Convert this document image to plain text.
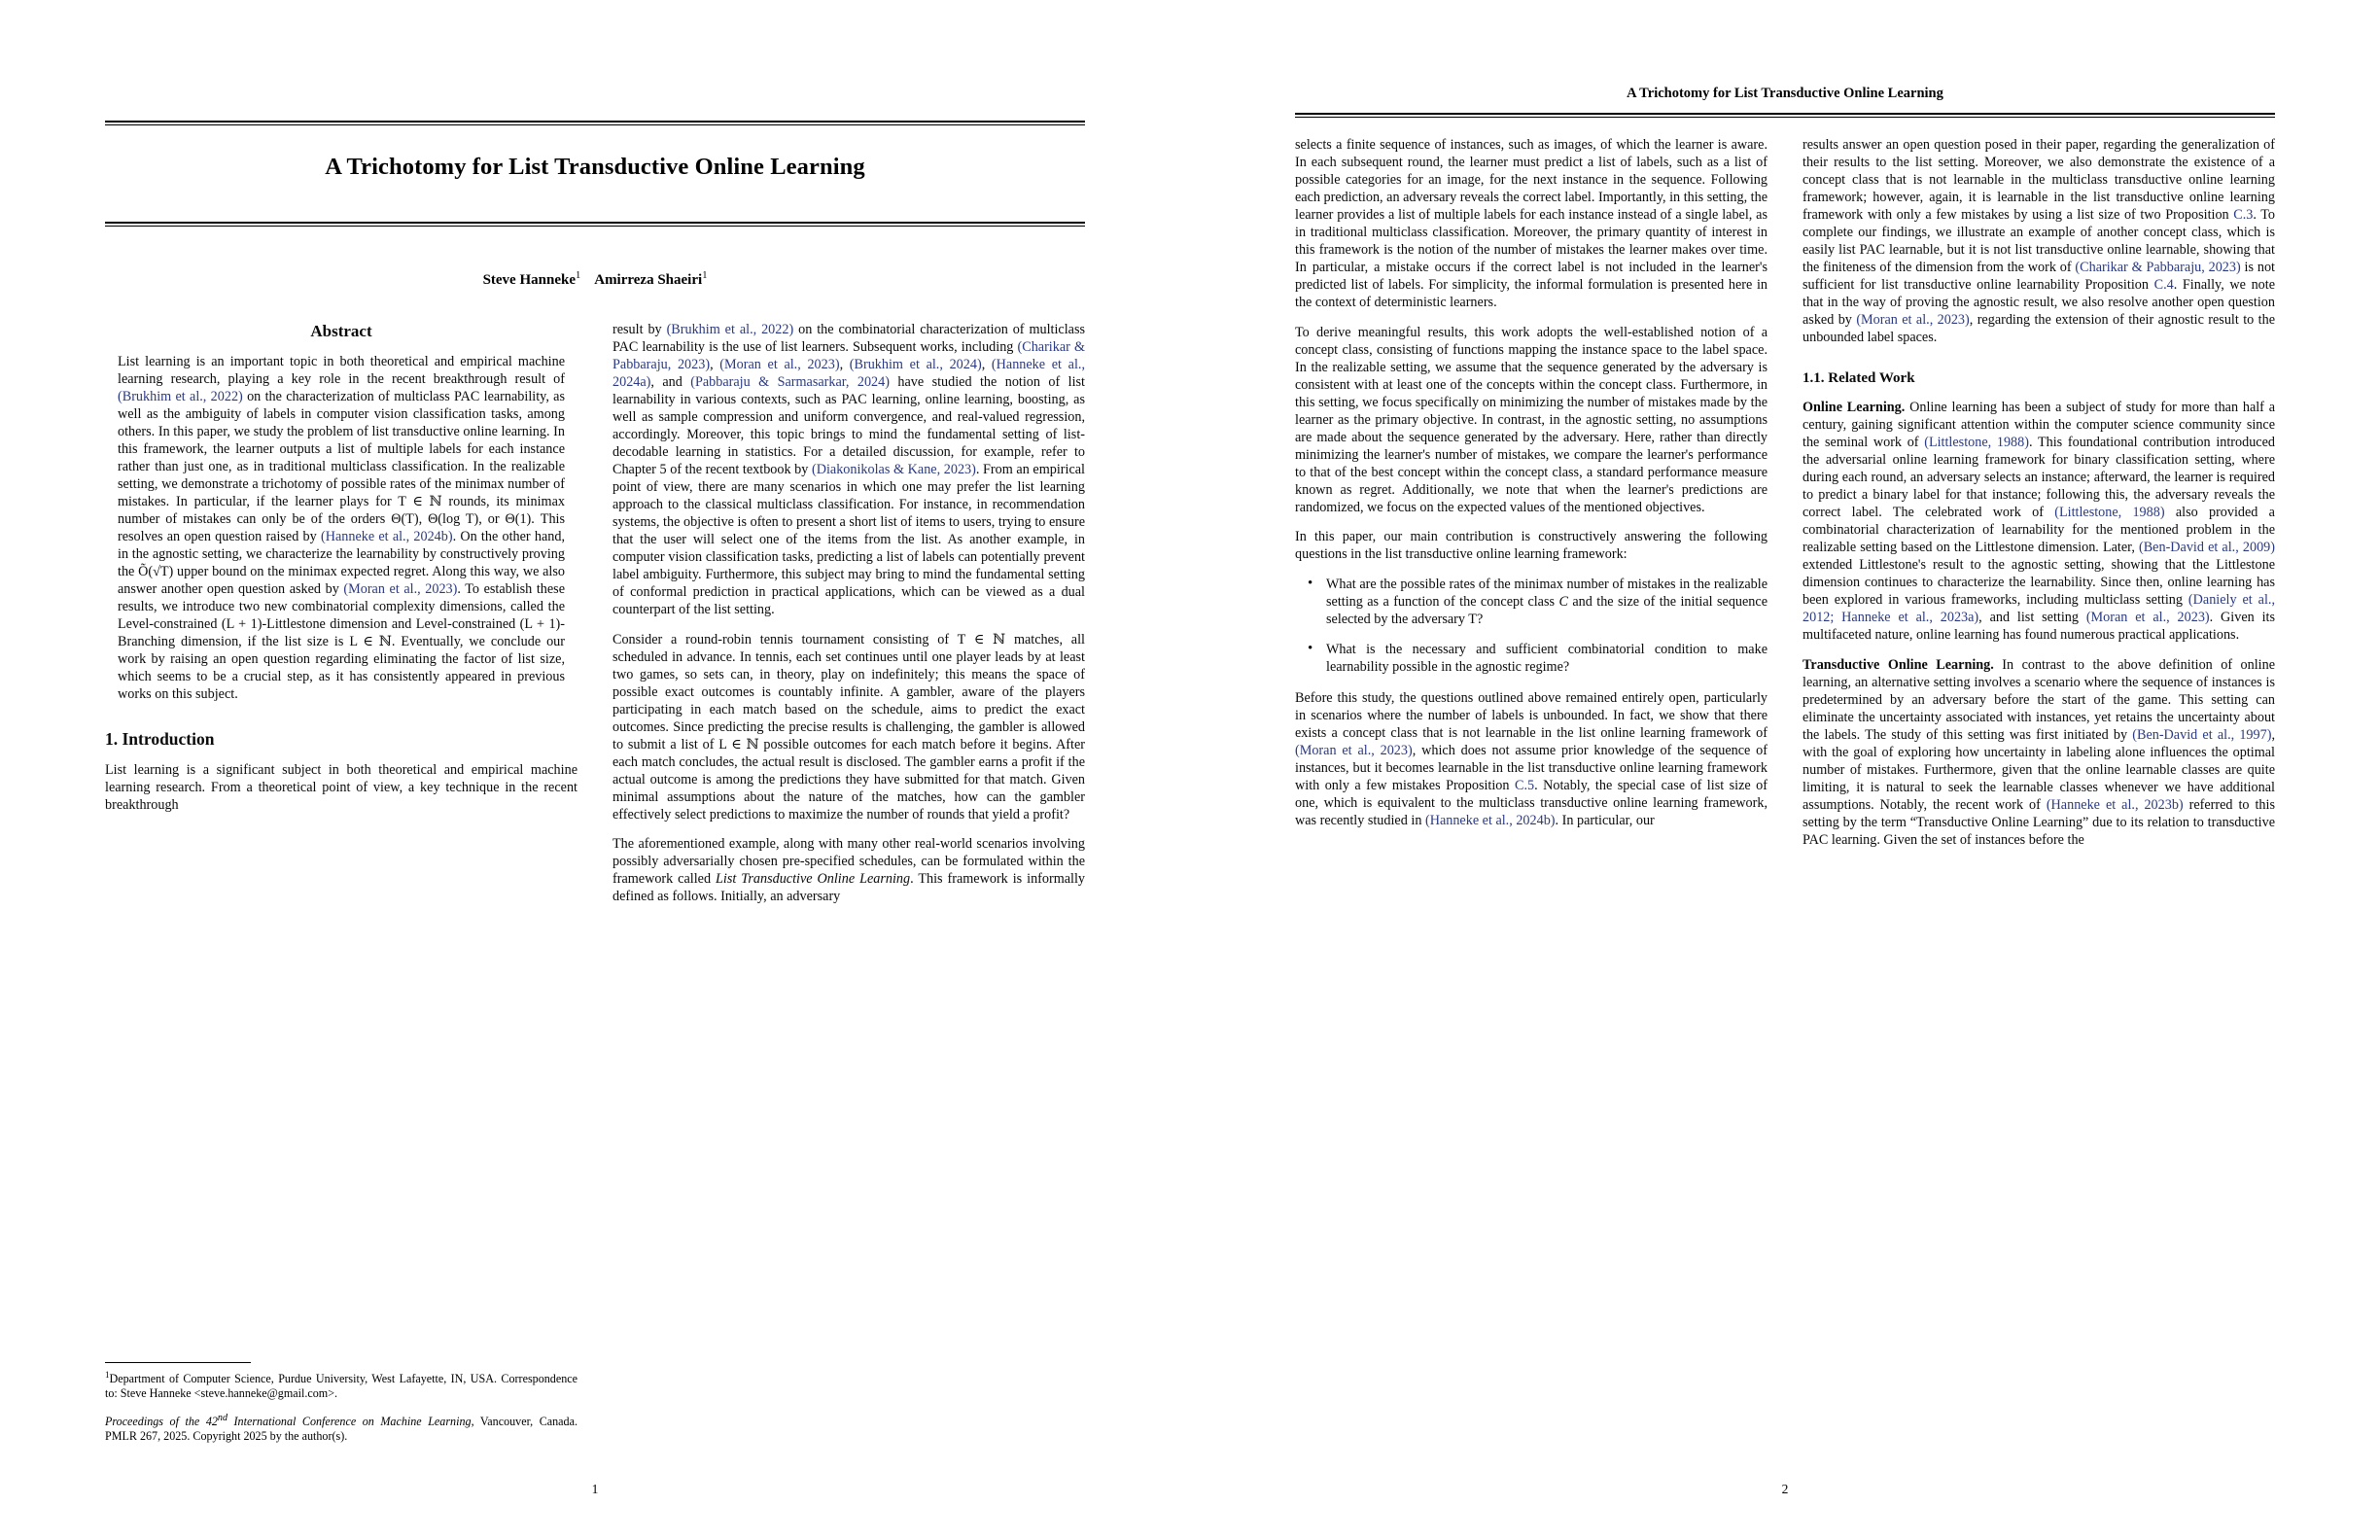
A Trichotomy for List Transductive Online Learning
Steve Hanneke$^1$ Amirreza Shaeiri$^1$
Abstract

List learning is an important topic in both theoretical and empirical machine learning research, playing a key role in the recent breakthrough result of (Brukhim et al., 2022) on the characterization of multiclass PAC learnability, as well as the ambiguity of labels in computer vision classification tasks, among others. In this paper, we study the problem of list transductive online learning. In this framework, the learner outputs a list of multiple labels for each instance rather than just one, as in traditional multiclass classification. In the realizable setting, we demonstrate a trichotomy of possible rates of the minimax number of mistakes. In particular, if the learner plays for T ∈ ℕ rounds, its minimax number of mistakes can only be of the orders Θ(T), Θ(log T), or Θ(1). This resolves an open question raised by (Hanneke et al., 2024b). On the other hand, in the agnostic setting, we characterize the learnability by constructively proving the Õ(√T) upper bound on the minimax expected regret. Along this way, we also answer another open question asked by (Moran et al., 2023). To establish these results, we introduce two new combinatorial complexity dimensions, called the Level-constrained (L + 1)-Littlestone dimension and Level-constrained (L + 1)-Branching dimension, if the list size is L ∈ ℕ. Eventually, we conclude our work by raising an open question regarding eliminating the factor of list size, which seems to be a crucial step, as it has consistently appeared in previous works on this subject.

1. Introduction

List learning is a significant subject in both theoretical and empirical machine learning research. From a theoretical point of view, a key technique in the recent breakthrough

result by (Brukhim et al., 2022) on the combinatorial characterization of multiclass PAC learnability is the use of list learners. Subsequent works, including (Charikar & Pabbaraju, 2023), (Moran et al., 2023), (Brukhim et al., 2024), (Hanneke et al., 2024a), and (Pabbaraju & Sarmasarkar, 2024) have studied the notion of list learnability in various contexts, such as PAC learning, online learning, boosting, as well as sample compression and uniform convergence, and real-valued regression, accordingly. Moreover, this topic brings to mind the fundamental setting of list-decodable learning in statistics. For a detailed discussion, for example, refer to Chapter 5 of the recent textbook by (Diakonikolas & Kane, 2023). From an empirical point of view, there are many scenarios in which one may prefer the list learning approach to the classical multiclass classification. For instance, in recommendation systems, the objective is often to present a short list of items to users, trying to ensure that the user will select one of the items from the list. As another example, in computer vision classification tasks, predicting a list of labels can potentially prevent label ambiguity. Furthermore, this subject may bring to mind the fundamental setting of conformal prediction in practical applications, which can be viewed as a dual counterpart of the list setting.

Consider a round-robin tennis tournament consisting of T ∈ ℕ matches, all scheduled in advance. In tennis, each set continues until one player leads by at least two games, so sets can, in theory, play on indefinitely; this means the space of possible exact outcomes is countably infinite. A gambler, aware of the players participating in each match based on the schedule, aims to predict the exact outcomes. Since predicting the precise results is challenging, the gambler is allowed to submit a list of L ∈ ℕ possible outcomes for each match before it begins. After each match concludes, the actual result is disclosed. The gambler earns a profit if the actual outcome is among the predictions they have submitted for that match. Given minimal assumptions about the nature of the matches, how can the gambler effectively select predictions to maximize the number of rounds that yield a profit?

The aforementioned example, along with many other real-world scenarios involving possibly adversarially chosen pre-specified schedules, can be formulated within the framework called List Transductive Online Learning. This framework is informally defined as follows. Initially, an adversary

$^1$Department of Computer Science, Purdue University, West Lafayette, IN, USA. Correspondence to: Steve Hanneke <steve.hanneke@gmail.com>.

Proceedings of the 42nd International Conference on Machine Learning, Vancouver, Canada. PMLR 267, 2025. Copyright 2025 by the author(s).

1
A Trichotomy for List Transductive Online Learning

selects a finite sequence of instances, such as images, of which the learner is aware. In each subsequent round, the learner must predict a list of labels, such as a list of possible categories for an image, for the next instance in the sequence. Following each prediction, an adversary reveals the correct label. Importantly, in this setting, the learner provides a list of multiple labels for each instance instead of a single label, as in traditional multiclass classification. Moreover, the primary quantity of interest in this framework is the notion of the number of mistakes the learner makes over time. In particular, a mistake occurs if the correct label is not included in the learner's predicted list of labels. For simplicity, the informal formulation is presented here in the context of deterministic learners.

To derive meaningful results, this work adopts the well-established notion of a concept class, consisting of functions mapping the instance space to the label space. In the realizable setting, we assume that the sequence generated by the adversary is consistent with at least one of the concepts within the concept class. Furthermore, in this setting, we focus specifically on minimizing the number of mistakes made by the learner as the primary objective. In contrast, in the agnostic setting, no assumptions are made about the sequence generated by the adversary. Here, rather than directly minimizing the learner's number of mistakes, we compare the learner's performance to that of the best concept within the concept class, a standard performance measure known as regret. Additionally, we note that when the learner's predictions are randomized, we focus on the expected values of the mentioned objectives.

In this paper, our main contribution is constructively answering the following questions in the list transductive online learning framework:

• What are the possible rates of the minimax number of mistakes in the realizable setting as a function of the concept class C and the size of the initial sequence selected by the adversary T?
• What is the necessary and sufficient combinatorial condition to make learnability possible in the agnostic regime?

Before this study, the questions outlined above remained entirely open, particularly in scenarios where the number of labels is unbounded. In fact, we show that there exists a concept class that is not learnable in the list online learning framework of (Moran et al., 2023), which does not assume prior knowledge of the sequence of instances, but it becomes learnable in the list transductive online learning framework with only a few mistakes Proposition C.5. Notably, the special case of list size of one, which is equivalent to the multiclass transductive online learning framework, was recently studied in (Hanneke et al., 2024b). In particular, our

results answer an open question posed in their paper, regarding the generalization of their results to the list setting. Moreover, we also demonstrate the existence of a concept class that is not learnable in the multiclass transductive online learning framework; however, again, it is learnable in the list transductive online learning framework with only a few mistakes by using a list size of two Proposition C.3. To complete our findings, we illustrate an example of another concept class, which is easily list PAC learnable, but it is not list transductive online learnable, showing that the finiteness of the dimension from the work of (Charikar & Pabbaraju, 2023) is not sufficient for list transductive online learnability Proposition C.4. Finally, we note that in the way of proving the agnostic result, we also resolve another open question asked by (Moran et al., 2023), regarding the extension of their agnostic result to the unbounded label spaces.

1.1. Related Work

Online Learning. Online learning has been a subject of study for more than half a century, gaining significant attention within the computer science community since the seminal work of (Littlestone, 1988). This foundational contribution introduced the adversarial online learning framework for binary classification setting, where during each round, an adversary selects an instance; afterward, the learner is required to predict a binary label for that instance; following this, the adversary reveals the correct label. The celebrated work of (Littlestone, 1988) also provided a combinatorial characterization of learnability for the mentioned problem in the realizable setting based on the Littlestone dimension. Later, (Ben-David et al., 2009) extended Littlestone's result to the agnostic setting, showing that the Littlestone dimension continues to characterize the learnability. Since then, online learning has been explored in various frameworks, including multiclass setting (Daniely et al., 2012; Hanneke et al., 2023a), and list setting (Moran et al., 2023). Given its multifaceted nature, online learning has found numerous practical applications.

Transductive Online Learning. In contrast to the above definition of online learning, an alternative setting involves a scenario where the sequence of instances is predetermined by an adversary before the start of the game. This setting can eliminate the uncertainty associated with instances, yet retains the uncertainty about the labels. The study of this setting was first initiated by (Ben-David et al., 1997), with the goal of exploring how uncertainty in labeling alone influences the optimal number of mistakes. Furthermore, given that the online learnable classes are quite limiting, it is natural to seek the learnable classes whenever we have additional assumptions. Notably, the recent work of (Hanneke et al., 2023b) referred to this setting by the term “Transductive Online Learning” due to its relation to transductive PAC learning. Given the set of instances before the

2
